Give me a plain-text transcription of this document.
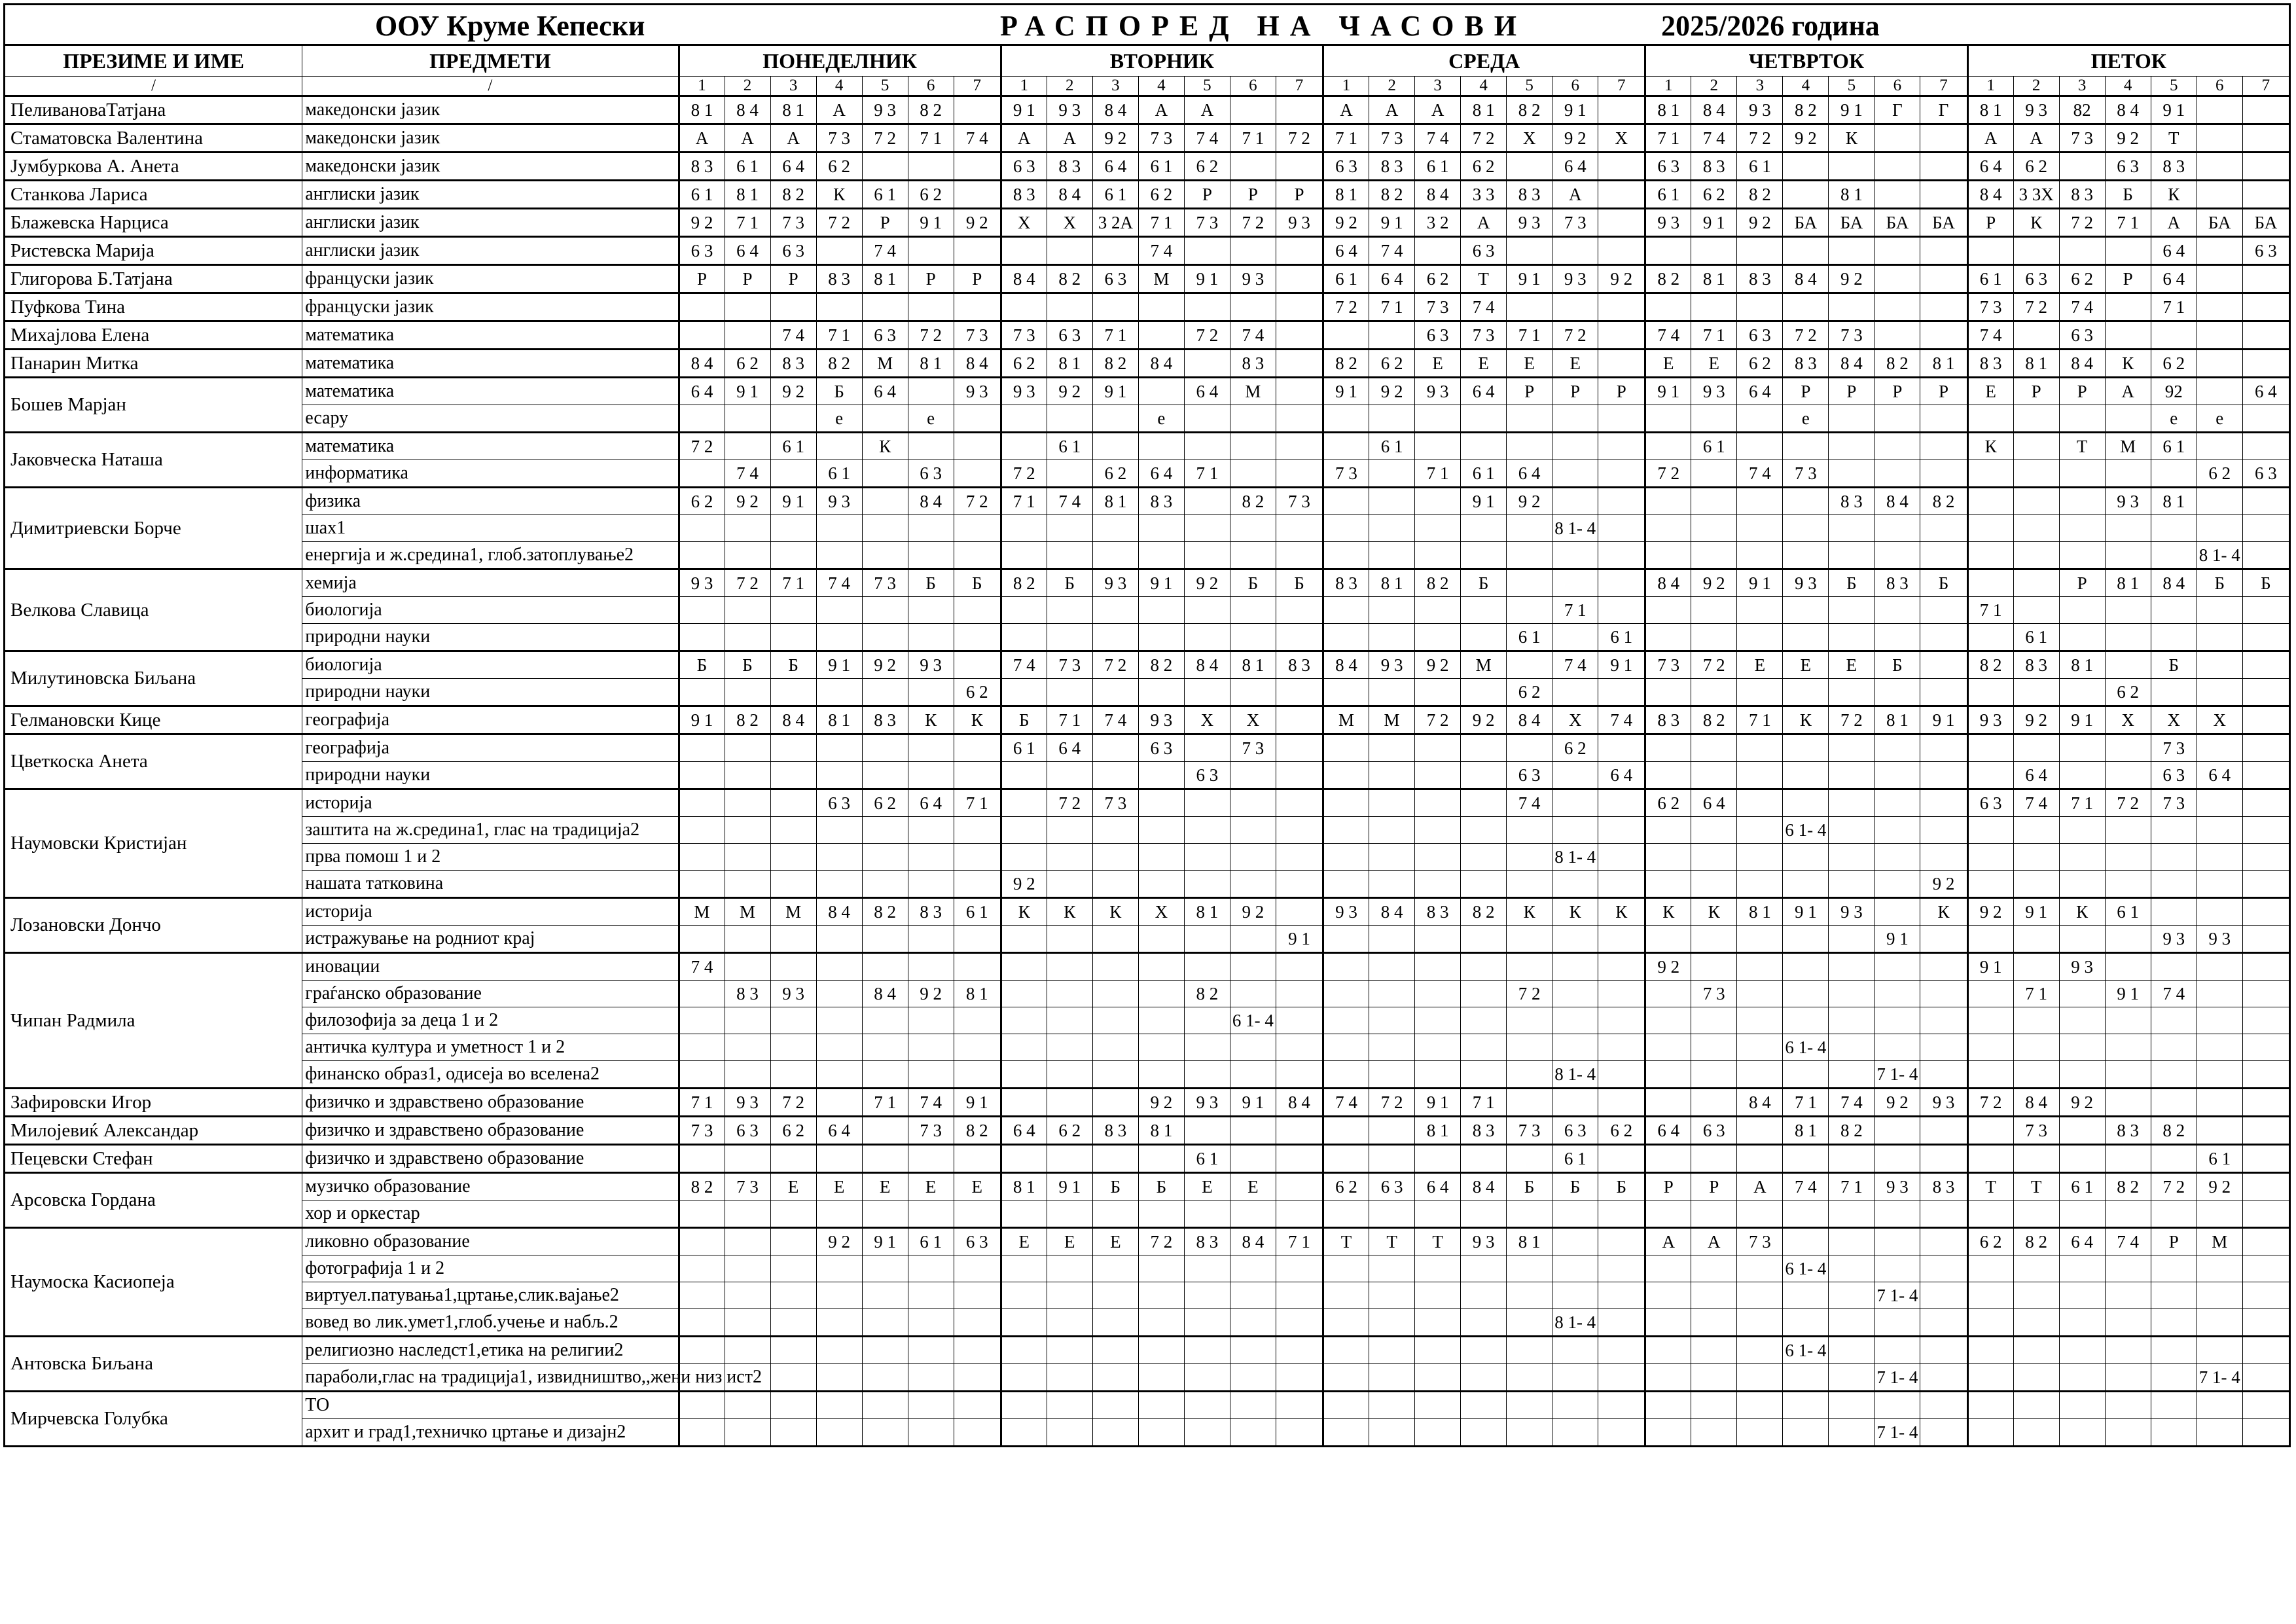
ООУ Круме Кепески	РАСПОРЕД НА ЧАСОВИ	2025/2026 година
ПРЕЗИМЕ И ИМЕ	ПРЕДМЕТИ	ПОНЕДЕЛНИК							ВТОРНИК							СРЕДА							ЧЕТВРТОК							ПЕТОК						
/	/	1	2	3	4	5	6	7	1	2	3	4	5	6	7	1	2	3	4	5	6	7	1	2	3	4	5	6	7	1	2	3	4	5	6	7
ПеливановаТатјана	македонски јазик	8 1	8 4	8 1	А	9 3	8 2		9 1	9 3	8 4	А	А			А	А	А	8 1	8 2	9 1		8 1	8 4	9 3	8 2	9 1	Г	Г	8 1	9 3	82	8 4	9 1		
Стаматовска Валентина	македонски јазик	А	А	А	7 3	7 2	7 1	7 4	А	А	9 2	7 3	7 4	7 1	7 2	7 1	7 3	7 4	7 2	Х	9 2	Х	7 1	7 4	7 2	9 2	К			А	А	7 3	9 2	Т		
Јумбуркова А. Анета	македонски јазик	8 3	6 1	6 4	6 2				6 3	8 3	6 4	6 1	6 2			6 3	8 3	6 1	6 2		6 4		6 3	8 3	6 1					6 4	6 2		6 3	8 3		
Станкова Лариса	англиски јазик	6 1	8 1	8 2	К	6 1	6 2		8 3	8 4	6 1	6 2	Р	Р	Р	8 1	8 2	8 4	3 3	8 3	А		6 1	6 2	8 2		8 1			8 4	3 3Х	8 3	Б	К		
Блажевска Нарциса	англиски јазик	9 2	7 1	7 3	7 2	Р	9 1	9 2	Х	Х	3 2А	7 1	7 3	7 2	9 3	9 2	9 1	3 2	А	9 3	7 3		9 3	9 1	9 2	БА	БА	БА	БА	Р	К	7 2	7 1	А	БА	БА
Ристевска Марија	англиски јазик	6 3	6 4	6 3		7 4						7 4				6 4	7 4		6 3															6 4		6 3
Глигорова Б.Татјана	француски јазик	Р	Р	Р	8 3	8 1	Р	Р	8 4	8 2	6 3	М	9 1	9 3		6 1	6 4	6 2	Т	9 1	9 3	9 2	8 2	8 1	8 3	8 4	9 2			6 1	6 3	6 2	Р	6 4		
Пуфкова Тина	француски јазик															7 2	7 1	7 3	7 4											7 3	7 2	7 4		7 1		
Михајлова Елена	математика			7 4	7 1	6 3	7 2	7 3	7 3	6 3	7 1		7 2	7 4				6 3	7 3	7 1	7 2		7 4	7 1	6 3	7 2	7 3			7 4		6 3				
Панарин Митка	математика	8 4	6 2	8 3	8 2	М	8 1	8 4	6 2	8 1	8 2	8 4		8 3		8 2	6 2	Е	Е	Е	Е		Е	Е	6 2	8 3	8 4	8 2	8 1	8 3	8 1	8 4	К	6 2		
Бошев Марјан	математика	6 4	9 1	9 2	Б	6 4		9 3	9 3	9 2	9 1		6 4	М		9 1	9 2	9 3	6 4	Р	Р	Р	9 1	9 3	6 4	Р	Р	Р	Р	Е	Р	Р	А	92		6 4
	есару				е		е					е														е								е	е	
Јаковческа Наташа	математика	7 2		6 1		К				6 1							6 1							6 1						К		Т	М	6 1		
	информатика		7 4		6 1		6 3		7 2		6 2	6 4	7 1			7 3		7 1	6 1	6 4			7 2		7 4	7 3									6 2	6 3
Димитриевски Борче	физика	6 2	9 2	9 1	9 3		8 4	7 2	7 1	7 4	8 1	8 3		8 2	7 3				9 1	9 2							8 3	8 4	8 2				9 3	8 1		
	шах1																				8 1- 4															
	енергија и ж.средина1, глоб.затоплување2																																		8 1- 4	
Велкова Славица	хемија	9 3	7 2	7 1	7 4	7 3	Б	Б	8 2	Б	9 3	9 1	9 2	Б	Б	8 3	8 1	8 2	Б				8 4	9 2	9 1	9 3	Б	8 3	Б			Р	8 1	8 4	Б	Б
	биологија																				7 1									7 1						
	природни науки																			6 1		6 1									6 1					
Милутиновска Биљана	биологија	Б	Б	Б	9 1	9 2	9 3		7 4	7 3	7 2	8 2	8 4	8 1	8 3	8 4	9 3	9 2	М		7 4	9 1	7 3	7 2	Е	Е	Е	Б		8 2	8 3	8 1		Б		
	природни науки							6 2												6 2													6 2			
Гелмановски Кице	географија	9 1	8 2	8 4	8 1	8 3	К	К	Б	7 1	7 4	9 3	Х	Х		М	М	7 2	9 2	8 4	Х	7 4	8 3	8 2	7 1	К	7 2	8 1	9 1	9 3	9 2	9 1	Х	Х	Х	
Цветкоска Анета	географија								6 1	6 4		6 3		7 3							6 2													7 3		
	природни науки												6 3							6 3		6 4									6 4			6 3	6 4	
Наумовски Кристијан	историја				6 3	6 2	6 4	7 1		7 2	7 3									7 4			6 2	6 4						6 3	7 4	7 1	7 2	7 3		
	заштита на ж.средина1, глас на традиција2																									6 1- 4										
	прва помош 1 и 2																				8 1- 4															
	нашата татковина								9 2																				9 2							
Лозановски Дончо	историја	М	М	М	8 4	8 2	8 3	6 1	К	К	К	Х	8 1	9 2		9 3	8 4	8 3	8 2	К	К	К	К	К	8 1	9 1	9 3		К	9 2	9 1	К	6 1			
	истражување на родниот крај														9 1													9 1						9 3	9 3	
Чипан Радмила	иновации	7 4																					9 2							9 1		9 3				
	граѓанско образование		8 3	9 3		8 4	9 2	8 1					8 2							7 2				7 3							7 1		9 1	7 4		
	филозофија за деца 1 и 2													6 1- 4																						
	античка култура и уметност 1 и 2																									6 1- 4										
	финанско образ1, одисеја во вселена2																				8 1- 4							7 1- 4								
Зафировски Игор	физичко и здравствено образование	7 1	9 3	7 2		7 1	7 4	9 1				9 2	9 3	9 1	8 4	7 4	7 2	9 1	7 1						8 4	7 1	7 4	9 2	9 3	7 2	8 4	9 2				
Милојевиќ Александар	физичко и здравствено образование	7 3	6 3	6 2	6 4		7 3	8 2	6 4	6 2	8 3	8 1						8 1	8 3	7 3	6 3	6 2	6 4	6 3		8 1	8 2				7 3		8 3	8 2		
Пецевски Стефан	физичко и здравствено образование												6 1								6 1														6 1	
Арсовска Гордана	музичко образование	8 2	7 3	Е	Е	Е	Е	Е	8 1	9 1	Б	Б	Е	Е		6 2	6 3	6 4	8 4	Б	Б	Б	Р	Р	А	7 4	7 1	9 3	8 3	Т	Т	6 1	8 2	7 2	9 2	
	хор и оркестар																																			
Наумоска Касиопеја	ликовно образование				9 2	9 1	6 1	6 3	Е	Е	Е	7 2	8 3	8 4	7 1	Т	Т	Т	9 3	8 1			А	А	7 3					6 2	8 2	6 4	7 4	Р	М	
	фотографија 1 и 2																									6 1- 4										
	виртуел.патувања1,цртање,слик.вајање2																											7 1- 4								
	вовед во лик.умет1,глоб.учење и набљ.2																				8 1- 4															
Антовска Биљана	религиозно наследст1,етика на религии2																									6 1- 4										
	параболи,глас на традиција1, извидништво,,жени низ ист2																											7 1- 4							7 1- 4	
Мирчевска Голубка	ТО																																			
	архит и град1,техничко цртање и дизајн2																											7 1- 4								
